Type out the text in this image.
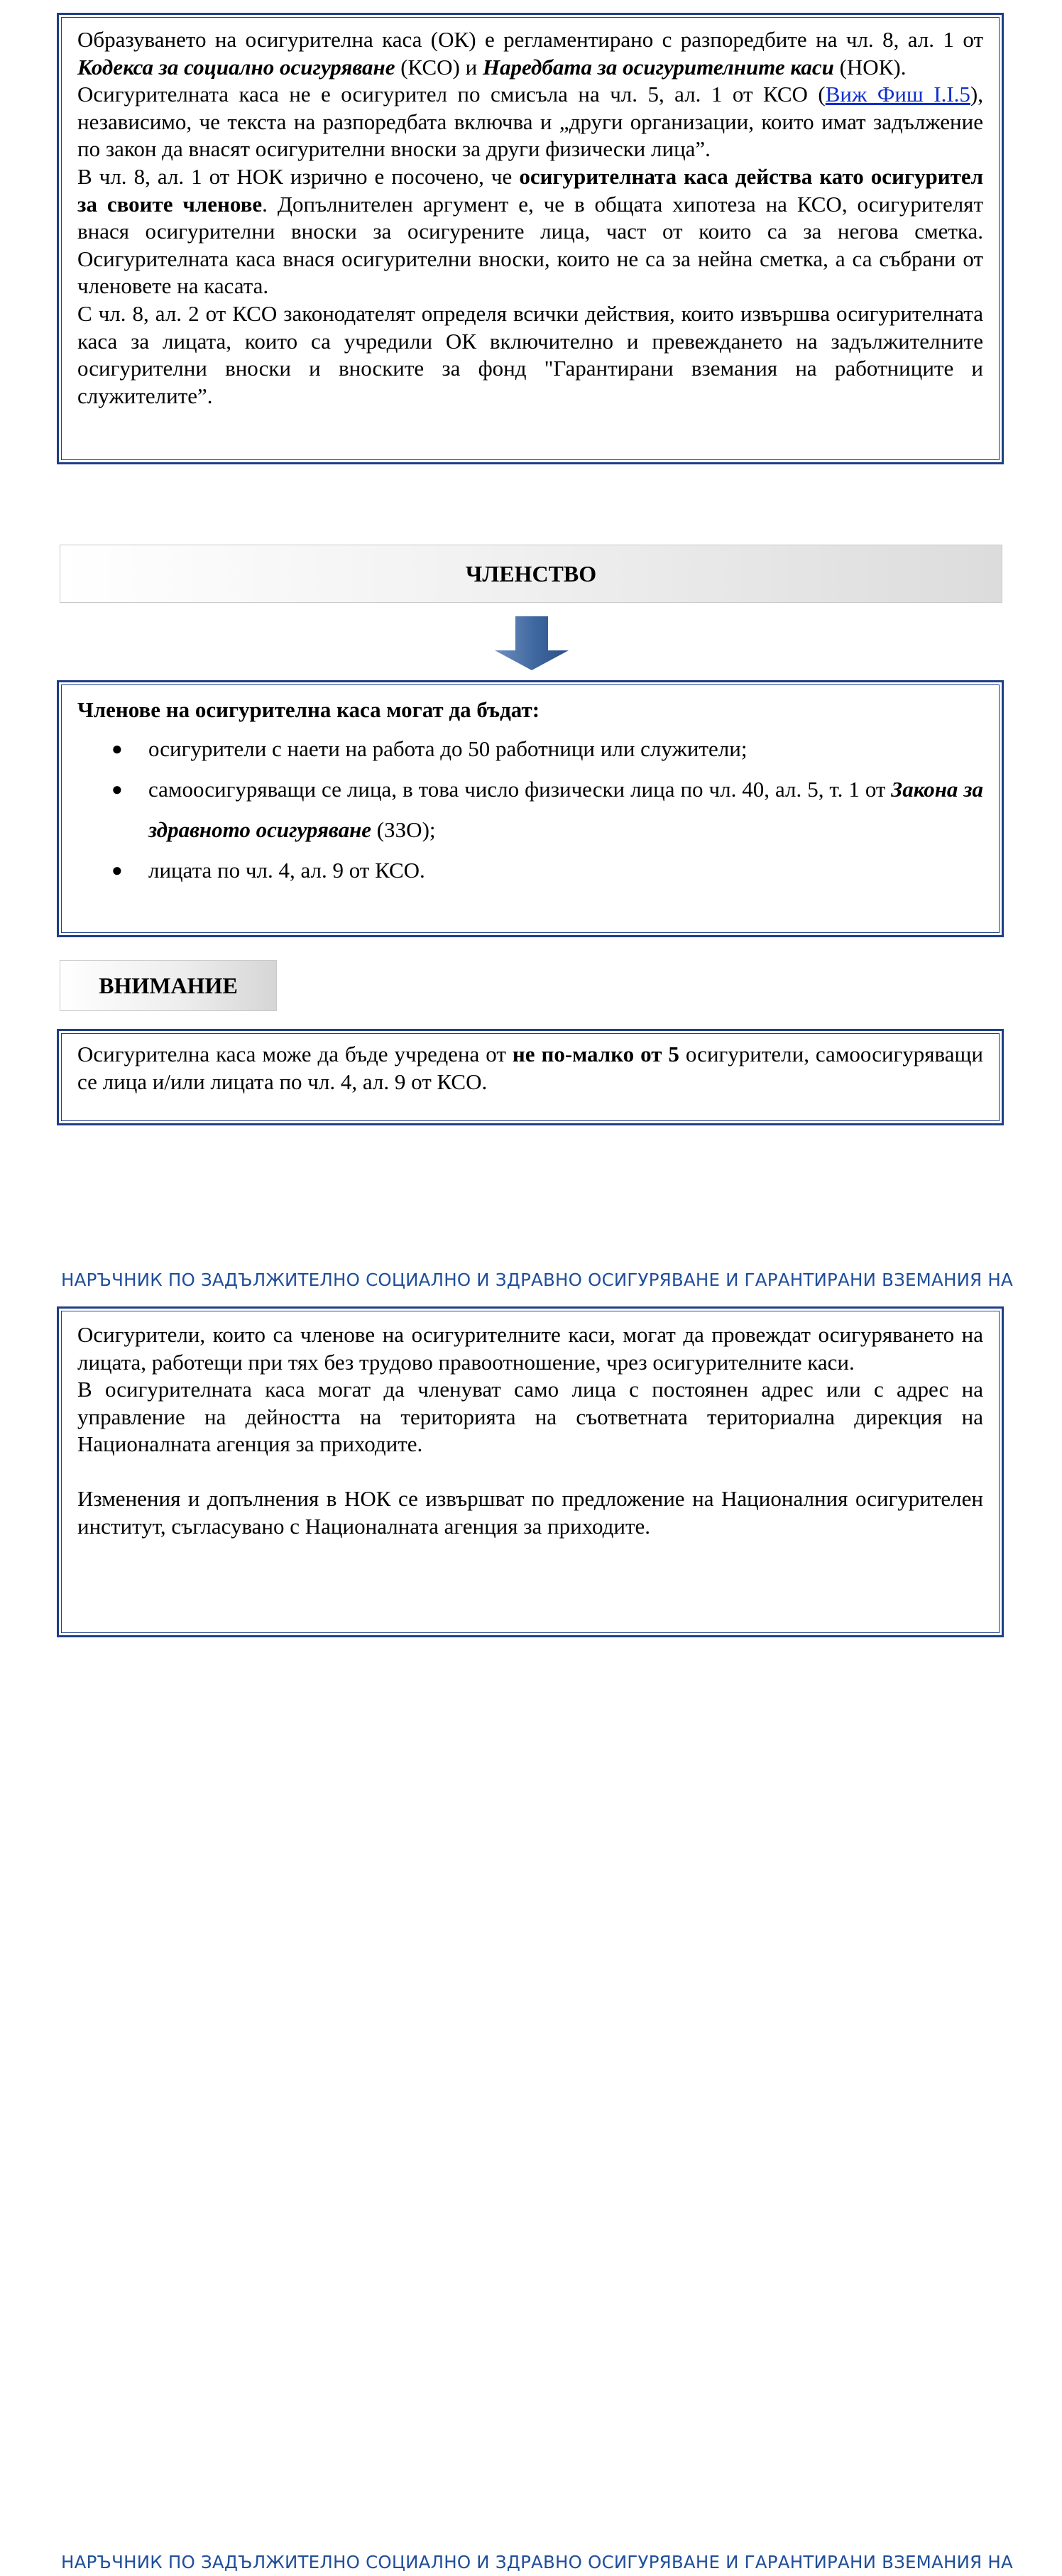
Образуването на осигурителна каса (ОК) е регламентирано с разпоредбите на чл. 8, ал. 1 от Кодекса за социално осигуряване (КСО) и Наредбата за осигурителните каси (НОК).

Осигурителната каса не е осигурител по смисъла на чл. 5, ал. 1 от КСО (Виж Фиш I.I.5), независимо, че текста на разпоредбата включва и „други организации, които имат задължение по закон да внасят осигурителни вноски за други физически лица”.

В чл. 8, ал. 1 от НОК изрично е посочено, че осигурителната каса действа като осигурител за своите членове. Допълнителен аргумент е, че в общата хипотеза на КСО, осигурителят внася осигурителни вноски за осигурените лица, част от които са за негова сметка. Осигурителната каса внася осигурителни вноски, които не са за нейна сметка, а са събрани от членовете на касата.

С чл. 8, ал. 2 от КСО законодателят определя всички действия, които извършва осигурителната каса за лицата, които са учредили ОК включително и превеждането на задължителните осигурителни вноски и вноските за фонд "Гарантирани вземания на работниците и служителите”.

ЧЛЕНСТВО

Членове на осигурителна каса могат да бъдат:

● осигурители с наети на работа до 50 работници или служители;
● самоосигуряващи се лица, в това число физически лица по чл. 40, ал. 5, т. 1 от Закона за здравното осигуряване (ЗЗО);
● лицата по чл. 4, ал. 9 от КСО.
ВНИМАНИЕ

Осигурителна каса може да бъде учредена от не по-малко от 5 осигурители, самоосигуряващи се лица и/или лицата по чл. 4, ал. 9 от КСО.

НАРЪЧНИК ПО ЗАДЪЛЖИТЕЛНО СОЦИАЛНО И ЗДРАВНО ОСИГУРЯВАНЕ И ГАРАНТИРАНИ ВЗЕМАНИЯ НА

Осигурители, които са членове на осигурителните каси, могат да провеждат осигуряването на лицата, работещи при тях без трудово правоотношение, чрез осигурителните каси.

В осигурителната каса могат да членуват само лица с постоянен адрес или с адрес на управление на дейността на територията на съответната териториална дирекция на Националната агенция за приходите.

Изменения и допълнения в НОК се извършват по предложение на Националния осигурителен институт, съгласувано с Националната агенция за приходите.

НАРЪЧНИК ПО ЗАДЪЛЖИТЕЛНО СОЦИАЛНО И ЗДРАВНО ОСИГУРЯВАНЕ И ГАРАНТИРАНИ ВЗЕМАНИЯ НА
